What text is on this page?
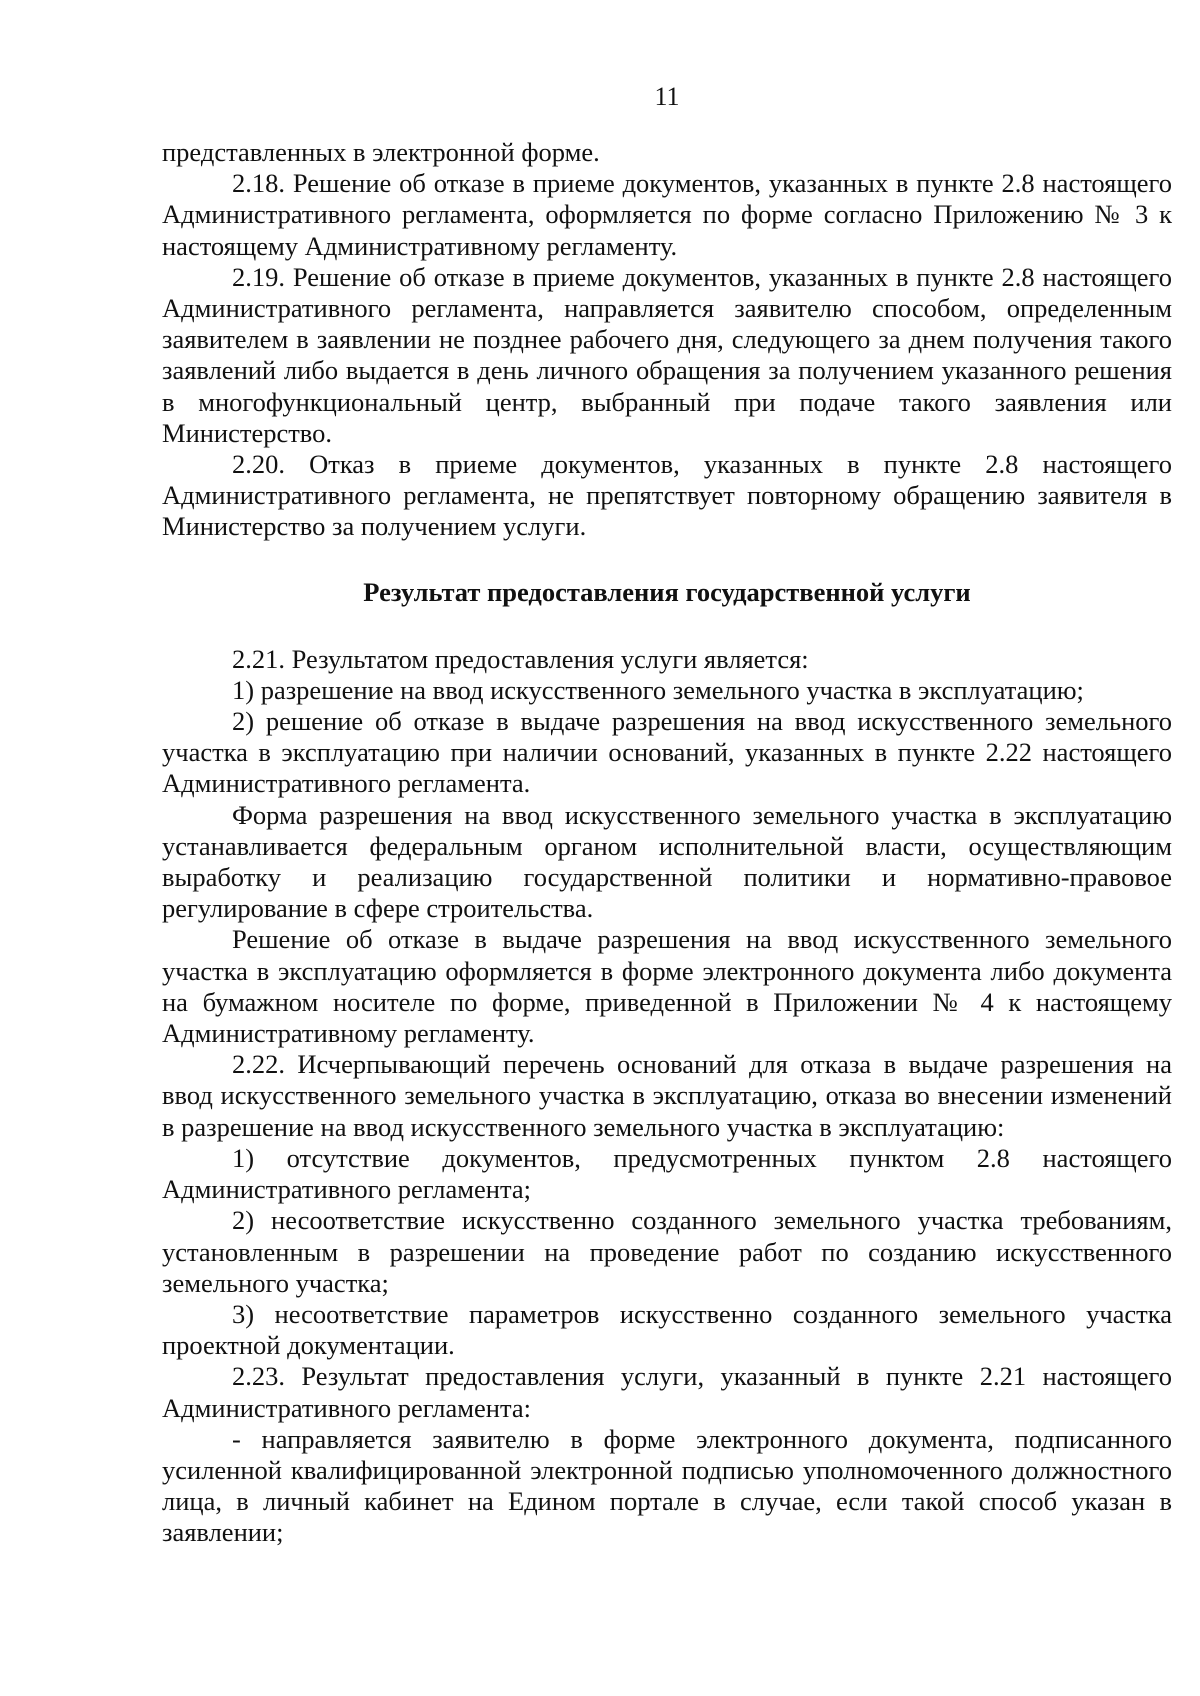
11

представленных в электронной форме.

2.18. Решение об отказе в приеме документов, указанных в пункте 2.8 настоящего Административного регламента, оформляется по форме согласно Приложению № 3 к настоящему Административному регламенту.

2.19. Решение об отказе в приеме документов, указанных в пункте 2.8 настоящего Административного регламента, направляется заявителю способом, определенным заявителем в заявлении не позднее рабочего дня, следующего за днем получения такого заявлений либо выдается в день личного обращения за получением указанного решения в многофункциональный центр, выбранный при подаче такого заявления или Министерство.

2.20. Отказ в приеме документов, указанных в пункте 2.8 настоящего Административного регламента, не препятствует повторному обращению заявителя в Министерство за получением услуги.

Результат предоставления государственной услуги

2.21. Результатом предоставления услуги является:

1) разрешение на ввод искусственного земельного участка в эксплуатацию;

2) решение об отказе в выдаче разрешения на ввод искусственного земельного участка в эксплуатацию при наличии оснований, указанных в пункте 2.22 настоящего Административного регламента.

Форма разрешения на ввод искусственного земельного участка в эксплуатацию устанавливается федеральным органом исполнительной власти, осуществляющим выработку и реализацию государственной политики и нормативно-правовое регулирование в сфере строительства.

Решение об отказе в выдаче разрешения на ввод искусственного земельного участка в эксплуатацию оформляется в форме электронного документа либо документа на бумажном носителе по форме, приведенной в Приложении № 4 к настоящему Административному регламенту.

2.22. Исчерпывающий перечень оснований для отказа в выдаче разрешения на ввод искусственного земельного участка в эксплуатацию, отказа во внесении изменений в разрешение на ввод искусственного земельного участка в эксплуатацию:

1) отсутствие документов, предусмотренных пунктом 2.8 настоящего Административного регламента;

2) несоответствие искусственно созданного земельного участка требованиям, установленным в разрешении на проведение работ по созданию искусственного земельного участка;

3) несоответствие параметров искусственно созданного земельного участка проектной документации.

2.23. Результат предоставления услуги, указанный в пункте 2.21 настоящего Административного регламента:

- направляется заявителю в форме электронного документа, подписанного усиленной квалифицированной электронной подписью уполномоченного должностного лица, в личный кабинет на Едином портале в случае, если такой способ указан в заявлении;
